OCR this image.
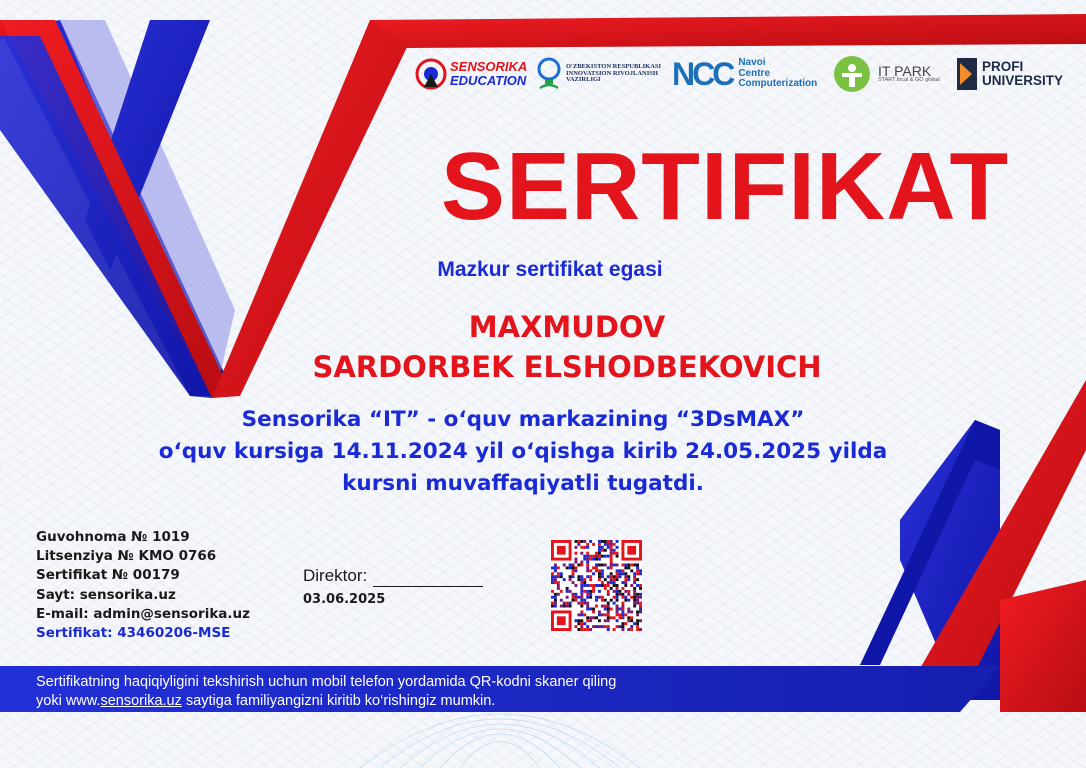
SENSORIKA
EDUCATION
O'ZBEKISTON RESPUBLIKASI
INNOVATSION RIVOJLANISH
VAZIRLIGI	NCC Navoi
Centre
Computerization
IT PARK
START local & GO global
PROFI
UNIVERSITY
SERTIFIKAT
Mazkur sertifikat egasi
MAXMUDOV
SARDORBEK ELSHODBEKOVICH
Sensorika “IT” - o‘quv markazining “3DsMAX”
o‘quv kursiga 14.11.2024 yil o‘qishga kirib 24.05.2025 yilda
kursni muvaffaqiyatli tugatdi.
Guvohnoma № 1019
Litsenziya № KMO 0766
Sertifikat № 00179
Sayt: sensorika.uz
E-mail: admin@sensorika.uz
Sertifikat: 43460206-MSE
Direktor:
03.06.2025
Sertifikatning haqiqiyligini tekshirish uchun mobil telefon yordamida QR-kodni skaner qiling
yoki www.sensorika.uz saytiga familiyangizni kiritib ko‘rishingiz mumkin.
